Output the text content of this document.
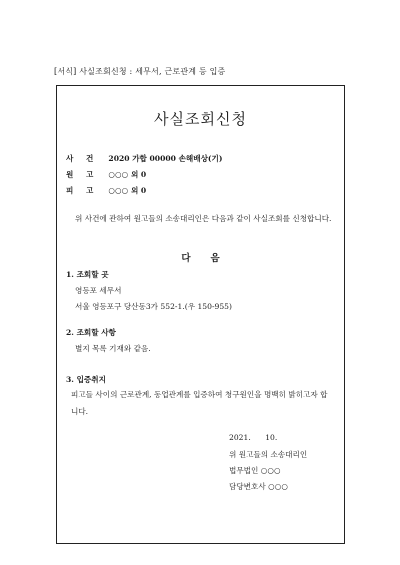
[서식] 사실조회신청 : 세무서, 근로관계 등 입증
사실조회신청
사 건 2020 가합 00000 손해배상(기)
원 고 ○○○ 외 0
피 고 ○○○ 외 0
위 사건에 관하여 원고들의 소송대리인은 다음과 같이 사실조회를 신청합니다.
다음
1. 조회할 곳
영등포 세무서
서울 영등포구 당산동3가 552-1.(우 150-955)
2. 조회할 사항
별지 목록 기재와 같음.
3. 입증취지
피고들 사이의 근로관계, 동업관계를 입증하여 청구원인을 명백히 밝히고자 합니다.
2021.      10.
위 원고들의 소송대리인
법무법인 ○○○
담당변호사 ○○○
